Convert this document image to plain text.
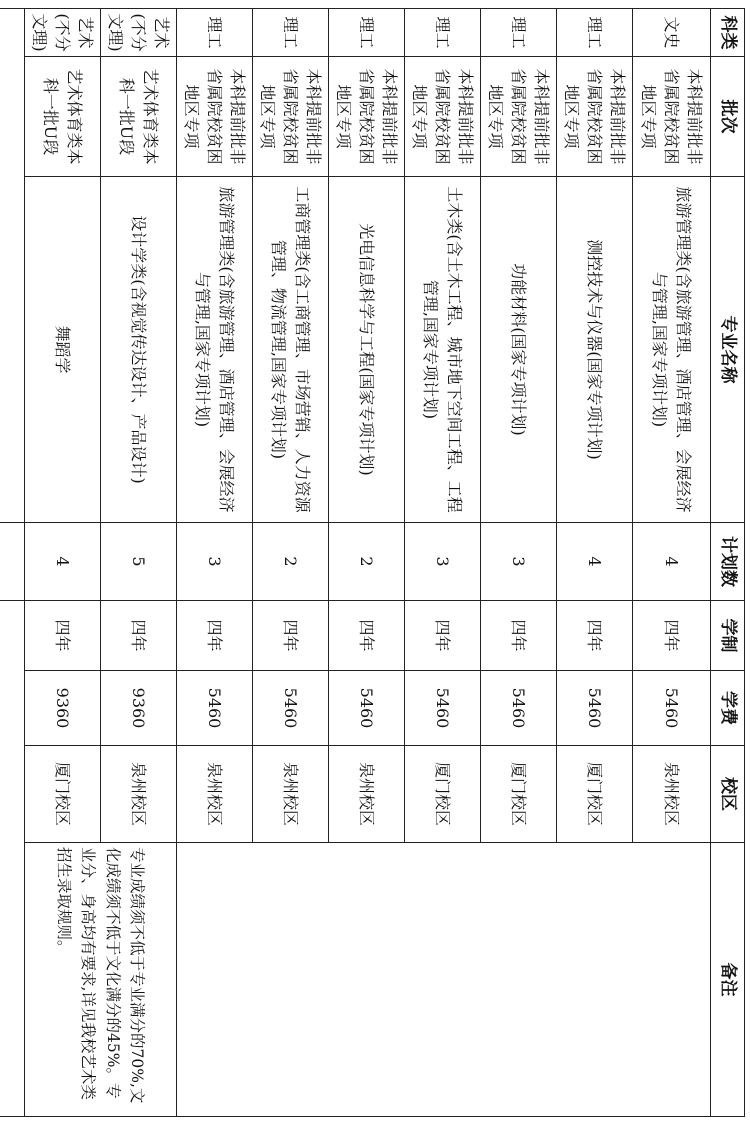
科类	批次	专业名称	计划数	学制	学费	校区	备注
文史	本科提前批非省属院校贫困地区专项	旅游管理类(含旅游管理、酒店管理、会展经济与管理,国家专项计划)	4	四年	5460	泉州校区	
理工	本科提前批非省属院校贫困地区专项	测控技术与仪器(国家专项计划)	4	四年	5460	厦门校区	
理工	本科提前批非省属院校贫困地区专项	功能材料(国家专项计划)	3	四年	5460	厦门校区	
理工	本科提前批非省属院校贫困地区专项	土木类(含土木工程、城市地下空间工程、工程管理,国家专项计划)	3	四年	5460	厦门校区	
理工	本科提前批非省属院校贫困地区专项	光电信息科学与工程(国家专项计划)	2	四年	5460	泉州校区	
理工	本科提前批非省属院校贫困地区专项	工商管理类(含工商管理、市场营销、人力资源管理、物流管理,国家专项计划)	2	四年	5460	泉州校区	
理工	本科提前批非省属院校贫困地区专项	旅游管理类(含旅游管理、酒店管理、会展经济与管理,国家专项计划)	3	四年	5460	泉州校区	
艺术(不分文理)	艺术体育类本科一批U段	设计学类(含视觉传达设计、产品设计)	5	四年	9360	泉州校区	专业成绩须不低于专业满分的70%,文化成绩须不低于文化满分的45%。专业分、身高均有要求,详见我校艺术类招生录取规则。
艺术(不分文理)	艺术体育类本科一批U段	舞蹈学	4	四年	9360	厦门校区	
